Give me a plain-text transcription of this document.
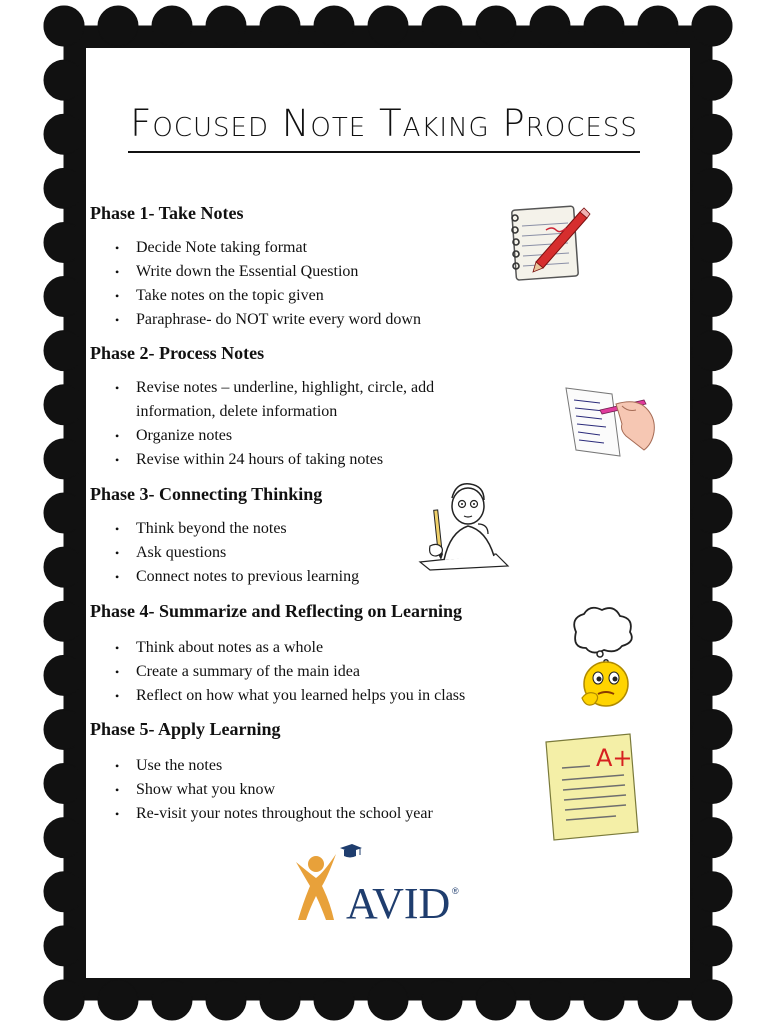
Focused Note Taking Process
Phase 1- Take Notes
• Decide Note taking format
• Write down the Essential Question
• Take notes on the topic given
• Paraphrase- do NOT write every word down
Phase 2- Process Notes
• Revise notes – underline, highlight, circle, add information, delete information
• Organize notes
• Revise within 24 hours of taking notes
Phase 3- Connecting Thinking
• Think beyond the notes
• Ask questions
• Connect notes to previous learning
Phase 4- Summarize and Reflecting on Learning
• Think about notes as a whole
• Create a summary of the main idea
• Reflect on how what you learned helps you in class
Phase 5- Apply Learning
• Use the notes
• Show what you know
• Re-visit your notes throughout the school year
A+
AVID ®
